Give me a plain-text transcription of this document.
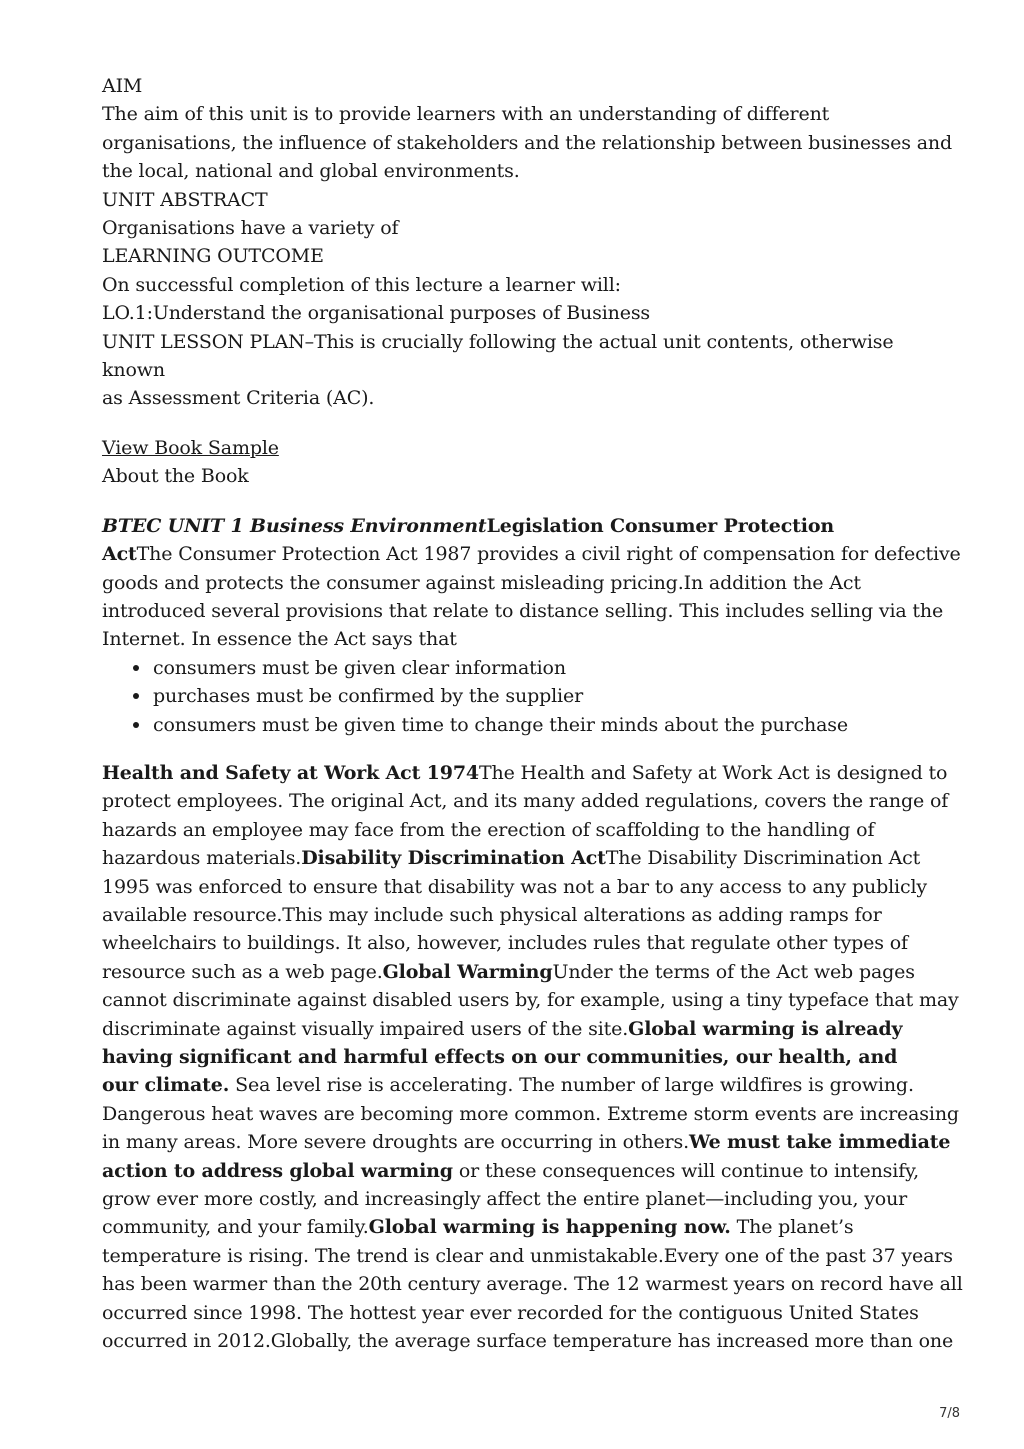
AIM
The aim of this unit is to provide learners with an understanding of different
organisations, the influence of stakeholders and the relationship between businesses and
the local, national and global environments.
UNIT ABSTRACT
Organisations have a variety of
LEARNING OUTCOME
On successful completion of this lecture a learner will:
LO.1:Understand the organisational purposes of Business
UNIT LESSON PLAN–This is crucially following the actual unit contents, otherwise
known
as Assessment Criteria (AC).
View Book Sample
About the Book
BTEC UNIT 1 Business EnvironmentLegislation Consumer Protection
ActThe Consumer Protection Act 1987 provides a civil right of compensation for defective
goods and protects the consumer against misleading pricing.In addition the Act
introduced several provisions that relate to distance selling. This includes selling via the
Internet. In essence the Act says that
consumers must be given clear information
purchases must be confirmed by the supplier
consumers must be given time to change their minds about the purchase
Health and Safety at Work Act 1974The Health and Safety at Work Act is designed to
protect employees. The original Act, and its many added regulations, covers the range of
hazards an employee may face from the erection of scaffolding to the handling of
hazardous materials.Disability Discrimination ActThe Disability Discrimination Act
1995 was enforced to ensure that disability was not a bar to any access to any publicly
available resource.This may include such physical alterations as adding ramps for
wheelchairs to buildings. It also, however, includes rules that regulate other types of
resource such as a web page.Global WarmingUnder the terms of the Act web pages
cannot discriminate against disabled users by, for example, using a tiny typeface that may
discriminate against visually impaired users of the site.Global warming is already
having significant and harmful effects on our communities, our health, and
our climate. Sea level rise is accelerating. The number of large wildfires is growing.
Dangerous heat waves are becoming more common. Extreme storm events are increasing
in many areas. More severe droughts are occurring in others.We must take immediate
action to address global warming or these consequences will continue to intensify,
grow ever more costly, and increasingly affect the entire planet—including you, your
community, and your family.Global warming is happening now. The planet’s
temperature is rising. The trend is clear and unmistakable.Every one of the past 37 years
has been warmer than the 20th century average. The 12 warmest years on record have all
occurred since 1998. The hottest year ever recorded for the contiguous United States
occurred in 2012.Globally, the average surface temperature has increased more than one
7/8
